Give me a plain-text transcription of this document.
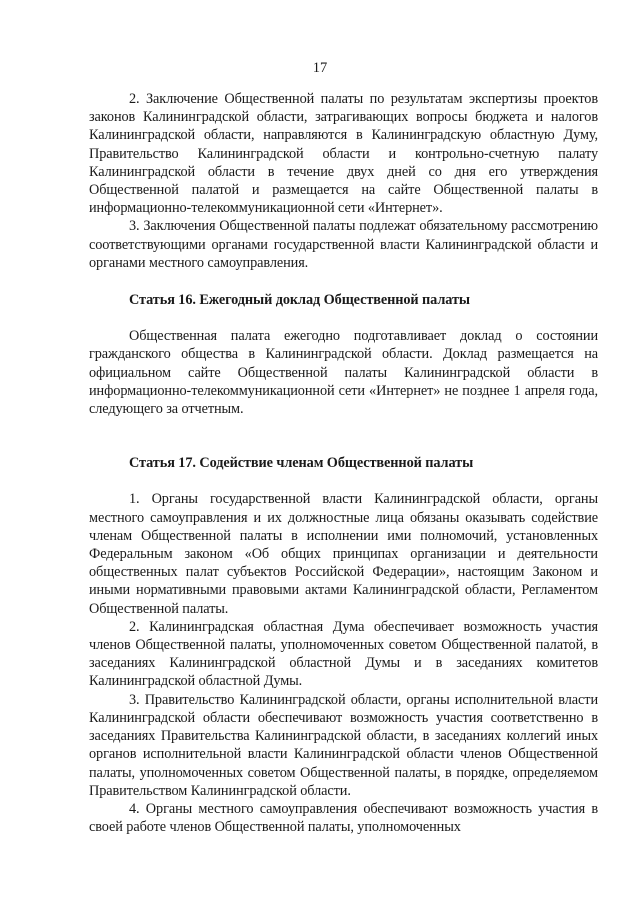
17

2. Заключение Общественной палаты по результатам экспертизы проектов законов Калининградской области, затрагивающих вопросы бюджета и налогов Калининградской области, направляются в Калининградскую областную Думу, Правительство Калининградской области и контрольно-счетную палату Калининградской области в течение двух дней со дня его утверждения Общественной палатой и размещается на сайте Общественной палаты в информационно-телекоммуникационной сети «Интернет».

3. Заключения Общественной палаты подлежат обязательному рассмотрению соответствующими органами государственной власти Калининградской области и органами местного самоуправления.

Статья 16. Ежегодный доклад Общественной палаты

Общественная палата ежегодно подготавливает доклад о состоянии гражданского общества в Калининградской области. Доклад размещается на официальном сайте Общественной палаты Калининградской области в информационно-телекоммуникационной сети «Интернет» не позднее 1 апреля года, следующего за отчетным.

Статья 17. Содействие членам Общественной палаты

1. Органы государственной власти Калининградской области, органы местного самоуправления и их должностные лица обязаны оказывать содействие членам Общественной палаты в исполнении ими полномочий, установленных Федеральным законом «Об общих принципах организации и деятельности общественных палат субъектов Российской Федерации», настоящим Законом и иными нормативными правовыми актами Калининградской области, Регламентом Общественной палаты.

2. Калининградская областная Дума обеспечивает возможность участия членов Общественной палаты, уполномоченных советом Общественной палатой, в заседаниях Калининградской областной Думы и в заседаниях комитетов Калининградской областной Думы.

3. Правительство Калининградской области, органы исполнительной власти Калининградской области обеспечивают возможность участия соответственно в заседаниях Правительства Калининградской области, в заседаниях коллегий иных органов исполнительной власти Калининградской области членов Общественной палаты, уполномоченных советом Общественной палаты, в порядке, определяемом Правительством Калининградской области.

4. Органы местного самоуправления обеспечивают возможность участия в своей работе членов Общественной палаты, уполномоченных
